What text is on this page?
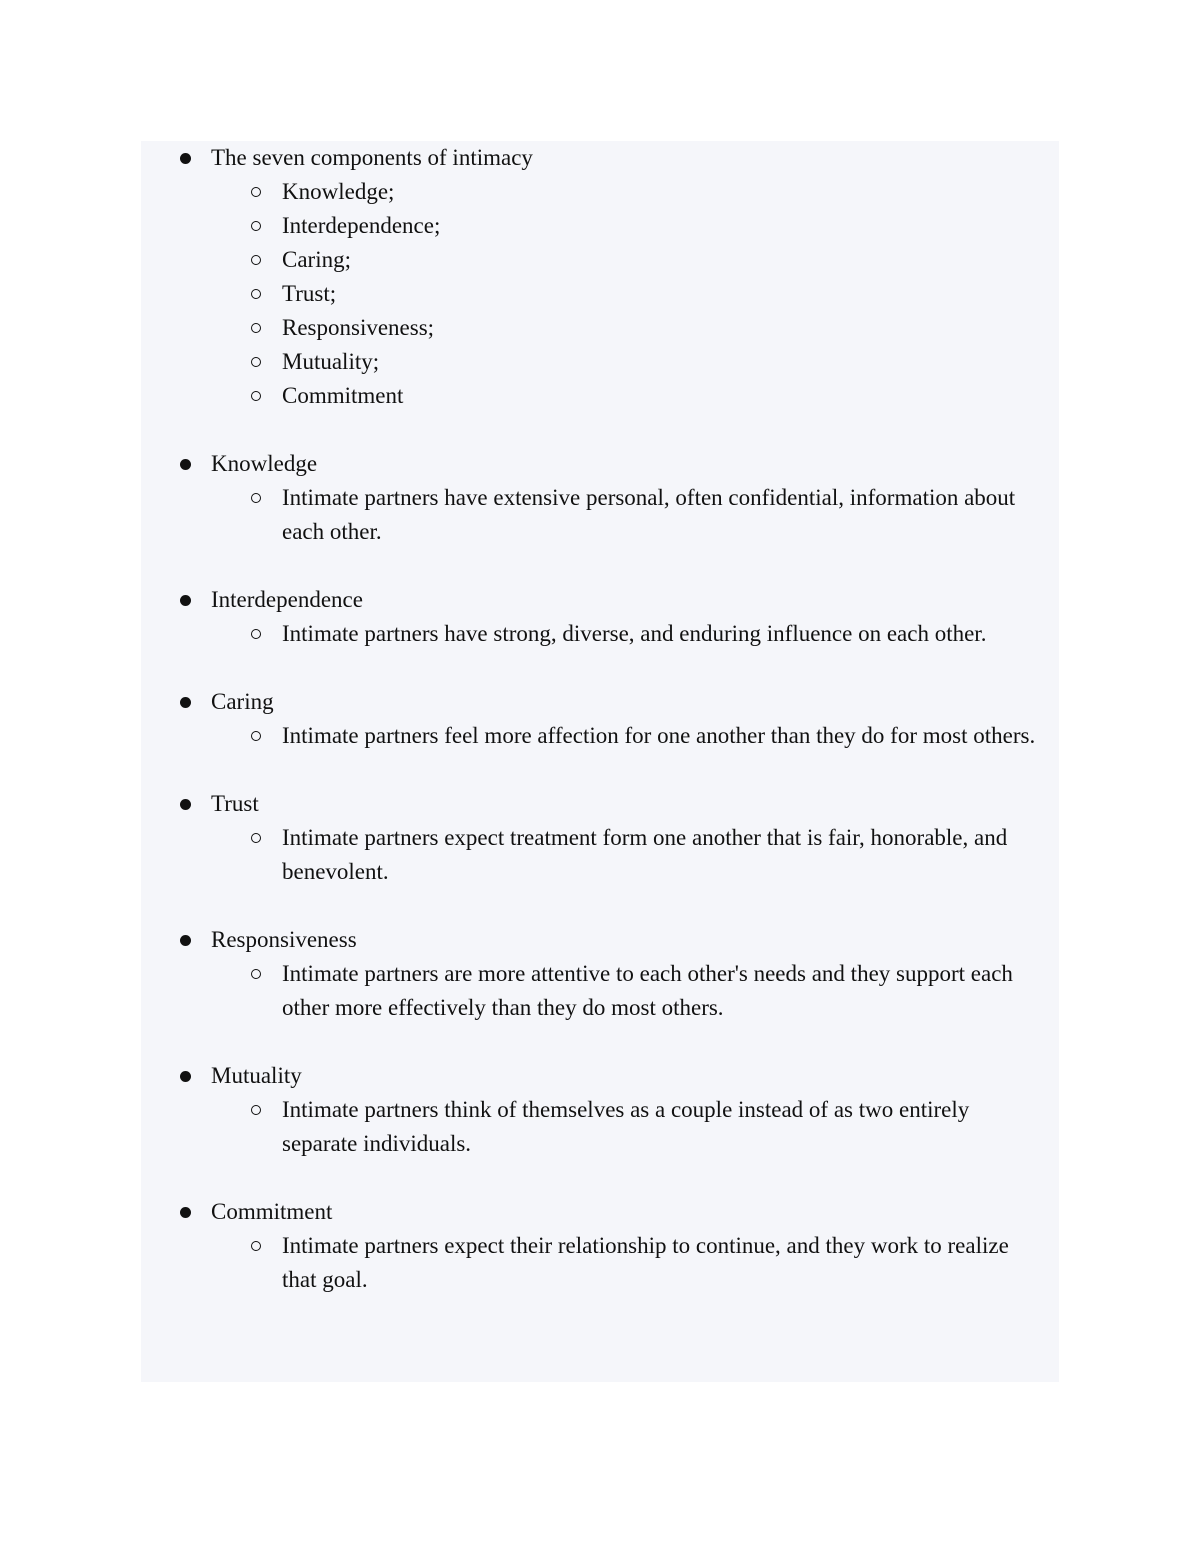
The seven components of intimacy
Knowledge;
Interdependence;
Caring;
Trust;
Responsiveness;
Mutuality;
Commitment
Knowledge
Intimate partners have extensive personal, often confidential, information about each other.
Interdependence
Intimate partners have strong, diverse, and enduring influence on each other.
Caring
Intimate partners feel more affection for one another than they do for most others.
Trust
Intimate partners expect treatment form one another that is fair, honorable, and benevolent.
Responsiveness
Intimate partners are more attentive to each other's needs and they support each other more effectively than they do most others.
Mutuality
Intimate partners think of themselves as a couple instead of as two entirely separate individuals.
Commitment
Intimate partners expect their relationship to continue, and they work to realize that goal.
